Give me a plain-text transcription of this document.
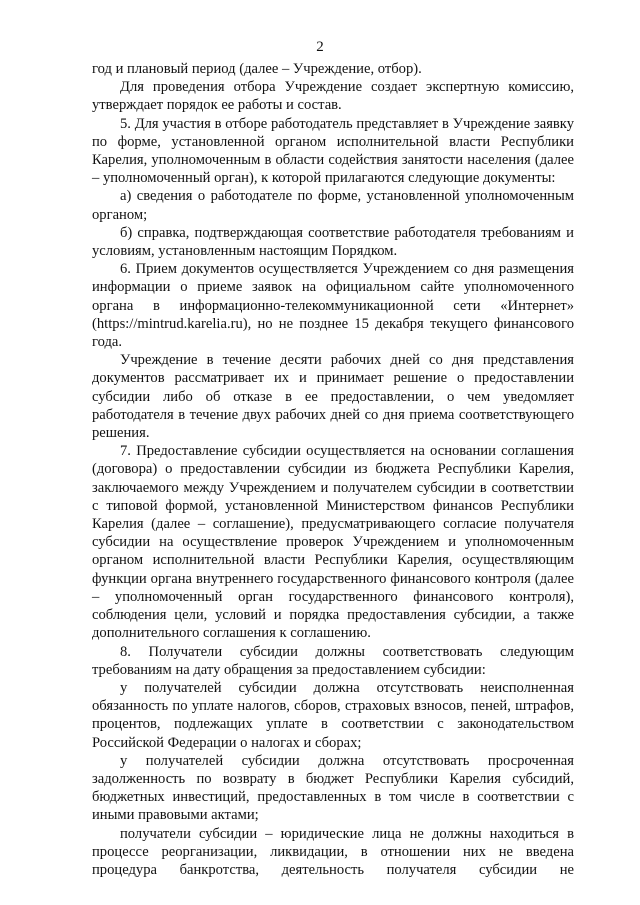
2

год и плановый период (далее – Учреждение, отбор).

Для проведения отбора Учреждение создает экспертную комиссию, утверждает порядок ее работы и состав.

5. Для участия в отборе работодатель представляет в Учреждение заявку по форме, установленной органом исполнительной власти Республики Карелия, уполномоченным в области содействия занятости населения (далее – уполномоченный орган), к которой прилагаются следующие документы:

а) сведения о работодателе по форме, установленной уполномоченным органом;

б) справка, подтверждающая соответствие работодателя требованиям и условиям, установленным настоящим Порядком.

6. Прием документов осуществляется Учреждением со дня размещения информации о приеме заявок на официальном сайте уполномоченного органа в информационно-телекоммуникационной сети «Интернет» (https://mintrud.karelia.ru), но не позднее 15 декабря текущего финансового года.

Учреждение в течение десяти рабочих дней со дня представления документов рассматривает их и принимает решение о предоставлении субсидии либо об отказе в ее предоставлении, о чем уведомляет работодателя в течение двух рабочих дней со дня приема соответствующего решения.

7. Предоставление субсидии осуществляется на основании соглашения (договора) о предоставлении субсидии из бюджета Республики Карелия, заключаемого между Учреждением и получателем субсидии в соответствии с типовой формой, установленной Министерством финансов Республики Карелия (далее – соглашение), предусматривающего согласие получателя субсидии на осуществление проверок Учреждением и уполномоченным органом исполнительной власти Республики Карелия, осуществляющим функции органа внутреннего государственного финансового контроля (далее – уполномоченный орган государственного финансового контроля), соблюдения цели, условий и порядка предоставления субсидии, а также дополнительного соглашения к соглашению.

8. Получатели субсидии должны соответствовать следующим требованиям на дату обращения за предоставлением субсидии:

у получателей субсидии должна отсутствовать неисполненная обязанность по уплате налогов, сборов, страховых взносов, пеней, штрафов, процентов, подлежащих уплате в соответствии с законодательством Российской Федерации о налогах и сборах;

у получателей субсидии должна отсутствовать просроченная задолженность по возврату в бюджет Республики Карелия субсидий, бюджетных инвестиций, предоставленных в том числе в соответствии с иными правовыми актами;

получатели субсидии – юридические лица не должны находиться в процессе реорганизации, ликвидации, в отношении них не введена процедура банкротства, деятельность получателя субсидии не
